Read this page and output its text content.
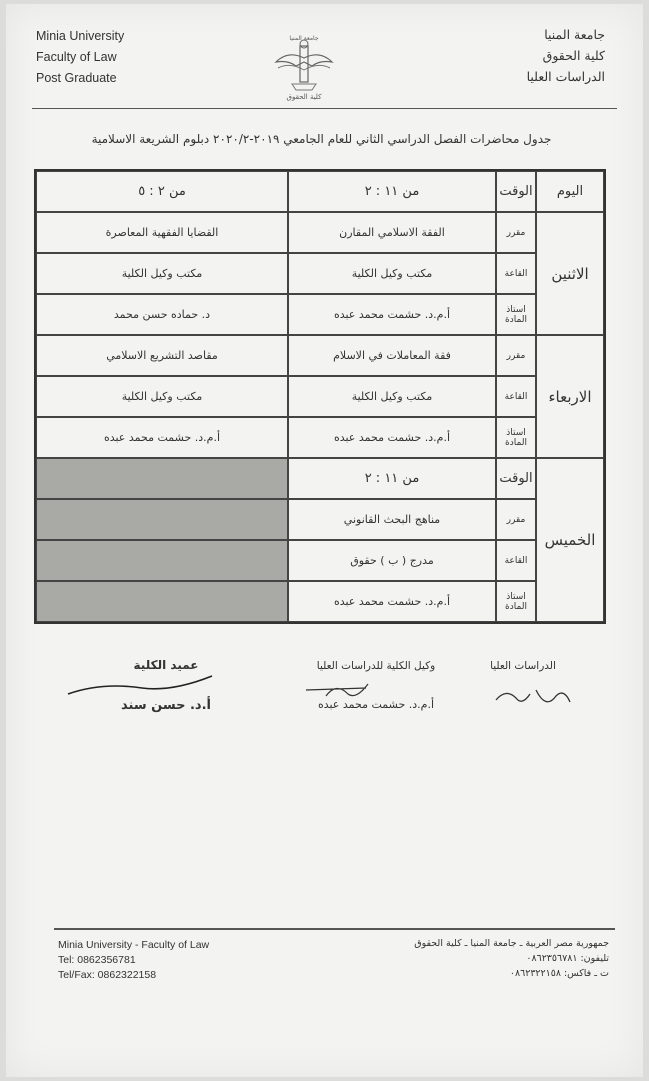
Minia University
Faculty of Law
Post Graduate
جامعة المنيا
كلية الحقوق
جامعة المنيا
كلية الحقوق
الدراسات العليا
جدول محاضرات الفصل الدراسي الثاني للعام الجامعي ٢٠١٩-٢٠٢٠/٢ دبلوم الشريعة الاسلامية
اليوم	الوقت	من ١١ : ٢	من ٢ : ٥
الاثنين	مقرر	الفقة الاسلامي المقارن	القضايا الفقهية المعاصرة
	القاعة	مكتب وكيل الكلية	مكتب وكيل الكلية
	استاذ المادة	أ.م.د. حشمت محمد عبده	د. حماده حسن محمد
الاربعاء	مقرر	فقة المعاملات في الاسلام	مقاصد التشريع الاسلامي
	القاعة	مكتب وكيل الكلية	مكتب وكيل الكلية
	استاذ المادة	أ.م.د. حشمت محمد عبده	أ.م.د. حشمت محمد عبده
الخميس	الوقت	من ١١ : ٢	
	مقرر	مناهج البحث القانوني	
	القاعة	مدرج ( ب ) حقوق	
	استاذ المادة	أ.م.د. حشمت محمد عبده	
الدراسات العليا
وكيل الكلية للدراسات العليا
أ.م.د. حشمت محمد عبده
عميد الكلية
أ.د. حسن سند
Minia University - Faculty of Law
Tel: 0862356781
Tel/Fax: 0862322158
جمهورية مصر العربية ـ جامعة المنيا ـ كلية الحقوق
تليفون: ٠٨٦٢٣٥٦٧٨١
ت ـ فاكس: ٠٨٦٢٣٢٢١٥٨
